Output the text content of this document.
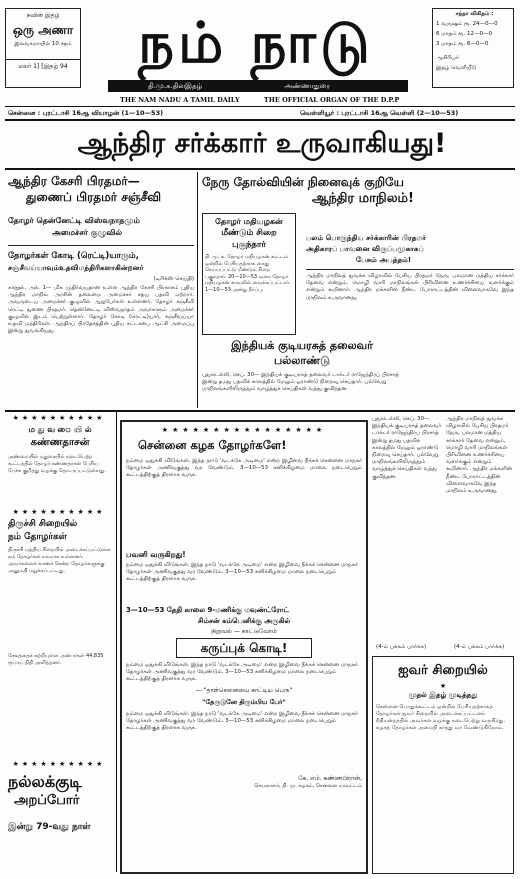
நவின் இதழ்
ஒரு அணா
இலவசமாயில் 10 சதம்
மலர் 1] [இதழ் 94	நம் நாடு
தி.மு.க.தினஇதழ்	அண்ணாதுரை
சந்தா விகிதம் :
1 வருஷம் ரூ. 24—0—0
6 மாதம் ரூ. 12—0—0
3 மாதம் ரூ. 6—0—0
ஆசிரியர்
இதழ் வெளியீடு
THE NAM NADU A TAMIL DAILY	THE OFFICIAL ORGAN OF THE D.P.P
சென்னை : புரட்டாசி 16ஆ வியாழன் (1—10—53)	வெள்ளியூர் : புரட்டாசி 16ஆ வெள்ளி (2—10—53)
ஆந்திர சர்க்கார் உருவாகியது!
ஆந்திர கேசரி பிரதமர்—
துணைப் பிரதமர் சஞ்சீவி
தோழர் தென்னேட்டி விஸ்வநாதமும்
அமைச்சர் குழுவில்
தோழர்கள் கோடி (ரெட்டி)யாரும்,
சஞ்சீவய்யாவும்உதவிமந்திரிகளாகின்றனர்
(டிரிக்ஸ் செய்தி)
கர்நூல், அக். 1— மிக முதிர்வயதான உள்ள ஆந்திர கேசரி பிரகாசம் புதிய ஆந்திர மாநில அரசின் தலைமை அமைச்சர் சத்ய பதவி ஏற்றார். அவருடைய அமைச்சர் குழுவில் ஆறுபேர்கள் உள்ளனர். தோழர் சஞ்சீவி ரெட்டி துணை பிரதமர். தென்னேட்டி விஸ்வநாதம் அவர்களும் அமைச்சர் குழுவில் இடம் பெற்றுள்ளார். தோழர் கோடி (ரெட்டி)யார், சஞ்சீவய்யா உதவி மந்திரிகள். ஆந்திரப் பிரதேசத்தின் புதிய சட்டசபை ஆட்சி அமைப்பு இன்று துவங்கியது.
நேரு தோல்வியின் நினைவுக் குறியே
ஆந்திர மாநிலம்!
தோழர் மதியழகன்
மீண்டும் சிறை
புகுந்தார்
தி. மு. க. தோழர் மதியழகன் கூட்டம் ஒன்றில் பேசியதற்காக கைது செய்யப்பட்டு மீண்டும் சிறை புகுந்தார். 20—10—53 வரை தோழர் மதியழகன் காவலில் வைக்கப்பட்டார். 1—10—53 அன்று தீர்ப்பு.
பலம் பொருந்திய சர்க்காரின் பிரதமர்
அதிகாரப் பாவனை விருப்பமுகாகப்
பேசும் அபத்தம்!
ஆந்திர மாநிலத் துவக்க விழாவில் பேசிய பிரதமர் நேரு, பலமான மத்திய சர்க்கார் தேவை என்றும், மொழி வாரி மாநிலங்கள் பிரிவினை உணர்ச்சியை வளர்க்கும் என்றும் கூறினார். ஆந்திர மக்களின் நீண்ட போராட்டத்தின் விளைவாகவே இந்த மாநிலம் உருவானது.
இந்தியக் குடியரசுத் தலைவர்
பல்லாண்டு
புதுடெல்லி, செப். 30— இந்தியக் குடியரசுத் தலைவர் டாக்டர் ராஜேந்திரப் பிரசாத் இன்று தமது பதவிக் காலத்தில் மேலும் ஓராண்டு நிறைவு செய்தார். பல்வேறு மாநிலங்களிலிருந்தும் வாழ்த்துச் செய்திகள் வந்து குவிந்தன.
★★★★★★★★★★
ம து வ ை யி ல்
கண்ணதாசன்
அண்மையில் மதுரையில் நடைபெற்ற கூட்டத்தில் தோழர் கண்ணதாசன் பேசிய பேச்சு குறித்து வழக்கு தொடரப்பட்டுள்ளது.
★★★★★★★★★★
திருச்சி சிறையில்
நம் தோழர்கள்
திருச்சி மத்திய சிறையில் அடைக்கப்பட்டுள்ள நம் தோழர்கள் நலமாக உள்ளனர். அவர்களைக் காணச் சென்ற தோழர்களுக்கு அனுமதி மறுக்கப்பட்டது.
சேலத்தைச் சுற்றியுள்ள அன்பர்கள் 44,835 ரூபாய் நிதி அளித்தனர்.
★★★★★★★★★★
நல்லக்குடி
அறப்போர்
இன்று 79-வது நாள்
★★★★★★★★★★★★★★★★
சென்னை கழக தோழர்களே!
நம்மை ஒதுக்கி விடுங்கள், இந்த நாடு 'வடக்கே அடிமை' என்ற இழிவை நீக்கச் சென்னை மாநகர் தோழர்கள் அணிவகுத்து வர வேண்டும். 3—10—53 சனிக்கிழமை மாலை நடைபெறும் கூட்டத்திற்குத் திரளாக வருக.
பவனி வருகிறது!
நம்மை ஒதுக்கி விடுங்கள், இந்த நாடு 'வடக்கே அடிமை' என்ற இழிவை நீக்கச் சென்னை மாநகர் தோழர்கள் அணிவகுத்து வர வேண்டும். 3—10—53 சனிக்கிழமை மாலை நடைபெறும் கூட்டத்திற்குத் திரளாக வருக.
3—10—53 தேதி காலை 9-மணிக்கு மவுண்ட்ரோட்
சிம்சன் கம்பெனிக்கு அருகில்
நிறுவல் — காட்டுவோம்
கருப்புக் கொடி!
நம்மை ஒதுக்கி விடுங்கள், இந்த நாடு 'வடக்கே அடிமை' என்ற இழிவை நீக்கச் சென்னை மாநகர் தோழர்கள் அணிவகுத்து வர வேண்டும். 3—10—53 சனிக்கிழமை மாலை நடைபெறும் கூட்டத்திற்குத் திரளாக வருக.
— "தாள்செனையை காட்டிய பெரு"
"தேருடுனே திரும்பிய பேர்"
நம்மை ஒதுக்கி விடுங்கள், இந்த நாடு 'வடக்கே அடிமை' என்ற இழிவை நீக்கச் சென்னை மாநகர் தோழர்கள் அணிவகுத்து வர வேண்டும். 3—10—53 சனிக்கிழமை மாலை நடைபெறும் கூட்டத்திற்குத் திரளாக வருக.
கே. எம். கண்ணபிரான்,
செயலாளர், தி. மு. கழகம், சென்னை மாவட்டம்
புதுடெல்லி, செப். 30— இந்தியக் குடியரசுத் தலைவர் டாக்டர் ராஜேந்திரப் பிரசாத் இன்று தமது பதவிக் காலத்தில் மேலும் ஓராண்டு நிறைவு செய்தார். பல்வேறு மாநிலங்களிலிருந்தும் வாழ்த்துச் செய்திகள் வந்து குவிந்தன.
ஆந்திர மாநிலத் துவக்க விழாவில் பேசிய பிரதமர் நேரு, பலமான மத்திய சர்க்கார் தேவை என்றும், மொழி வாரி மாநிலங்கள் பிரிவினை உணர்ச்சியை வளர்க்கும் என்றும் கூறினார். ஆந்திர மக்களின் நீண்ட போராட்டத்தின் விளைவாகவே இந்த மாநிலம் உருவானது.
(4-ம் பக்கம் பார்க்க)	(4-ம் பக்கம் பார்க்க)
ஐவர் சிறையில்
★
முதல் இதழ் முடித்தது
சென்னை பொதுக்கூட்டம் ஒன்றில் பேசியதற்காகத் தோழர்கள் ஐவர் சிறையில் அடைக்கப்பட்டனர். நீதிமன்றத்தில் அவர்கள் வழக்கு நடைபெற்று வருகிறது. கழகத் தோழர்கள் அமைதி காத்து வர வேண்டுகிறோம்.
